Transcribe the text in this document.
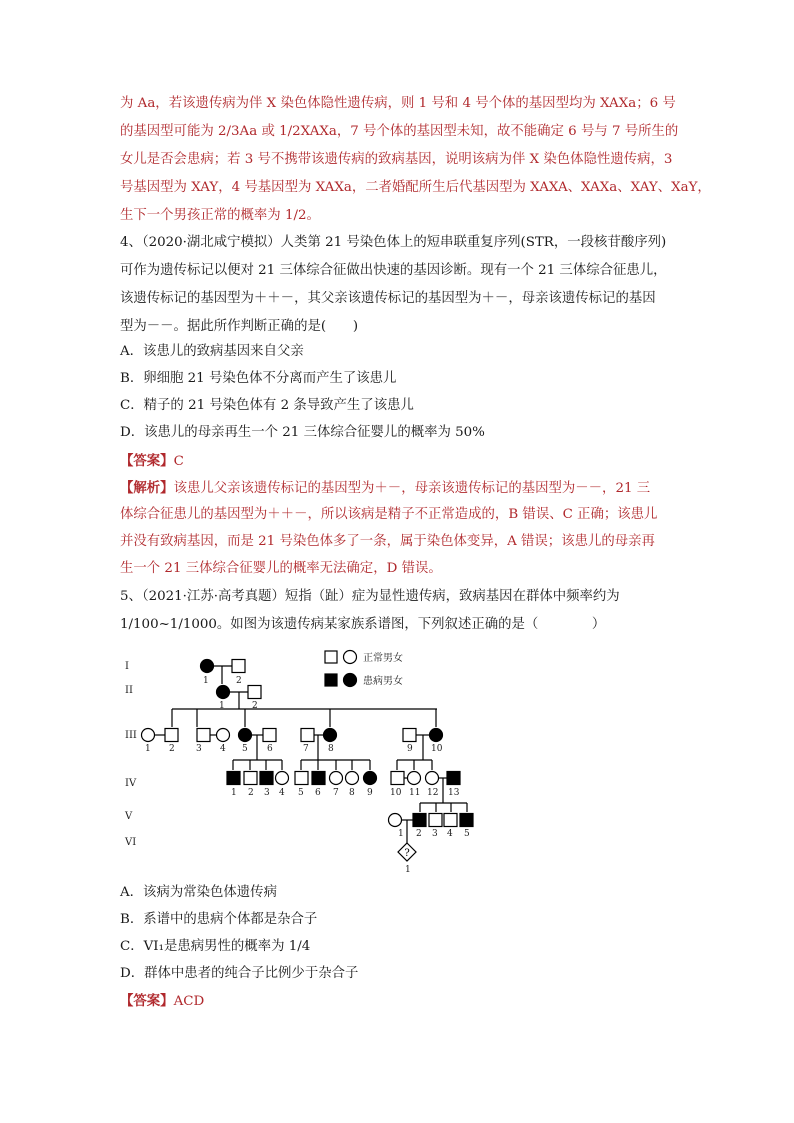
为 Aa，若该遗传病为伴 X 染色体隐性遗传病，则 1 号和 4 号个体的基因型均为 XAXa；6 号
的基因型可能为 2/3Aa 或 1/2XAXa，7 号个体的基因型未知，故不能确定 6 号与 7 号所生的
女儿是否会患病；若 3 号不携带该遗传病的致病基因，说明该病为伴 X 染色体隐性遗传病，3
号基因型为 XAY，4 号基因型为 XAXa，二者婚配所生后代基因型为 XAXA、XAXa、XAY、XaY，
生下一个男孩正常的概率为 1/2。
4、（2020·湖北咸宁模拟）人类第 21 号染色体上的短串联重复序列(STR，一段核苷酸序列)
可作为遗传标记以便对 21 三体综合征做出快速的基因诊断。现有一个 21 三体综合征患儿，
该遗传标记的基因型为＋＋－，其父亲该遗传标记的基因型为＋－，母亲该遗传标记的基因
型为－－。据此所作判断正确的是(　　)
A．该患儿的致病基因来自父亲
B．卵细胞 21 号染色体不分离而产生了该患儿
C．精子的 21 号染色体有 2 条导致产生了该患儿
D．该患儿的母亲再生一个 21 三体综合征婴儿的概率为 50%
【答案】C
【解析】该患儿父亲该遗传标记的基因型为＋－，母亲该遗传标记的基因型为－－，21 三
体综合征患儿的基因型为＋＋－，所以该病是精子不正常造成的，B 错误、C 正确；该患儿
并没有致病基因，而是 21 号染色体多了一条，属于染色体变异，A 错误；该患儿的母亲再
生一个 21 三体综合征婴儿的概率无法确定，D 错误。
5、（2021·江苏·高考真题）短指（趾）症为显性遗传病，致病基因在群体中频率约为
1/100~1/1000。如图为该遗传病某家族系谱图，下列叙述正确的是（　　　　）
?
I
II
III
IV
V
VI
1	2
1	2
1 2 3 4 5 6	7 8	9 10
1 2 3 4 5 6 7 8 9 10 11 12 13
1 2 3 4 5
1
正常男女
患病男女
A．该病为常染色体遗传病
B．系谱中的患病个体都是杂合子
C．VI₁是患病男性的概率为 1/4
D．群体中患者的纯合子比例少于杂合子
【答案】ACD
